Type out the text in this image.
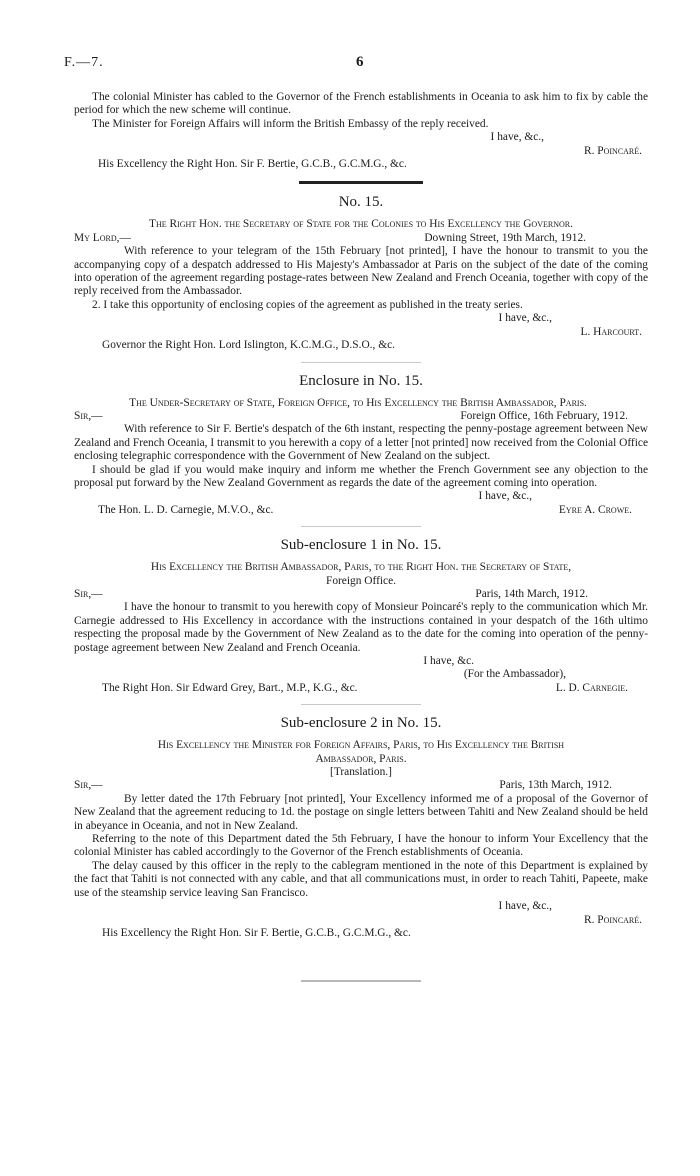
F.—7.	6

The colonial Minister has cabled to the Governor of the French establishments in Oceania to ask him to fix by cable the period for which the new scheme will continue.

The Minister for Foreign Affairs will inform the British Embassy of the reply received.

I have, &c.,
R. Poincaré.

His Excellency the Right Hon. Sir F. Bertie, G.C.B., G.C.M.G., &c.

No. 15.

The Right Hon. the Secretary of State for the Colonies to His Excellency the Governor.

My Lord,—	Downing Street, 19th March, 1912.

With reference to your telegram of the 15th February [not printed], I have the honour to transmit to you the accompanying copy of a despatch addressed to His Majesty's Ambassador at Paris on the subject of the date of the coming into operation of the agreement regarding postage-rates between New Zealand and French Oceania, together with copy of the reply received from the Ambassador.

2. I take this opportunity of enclosing copies of the agreement as published in the treaty series.

I have, &c.,
L. Harcourt.

Governor the Right Hon. Lord Islington, K.C.M.G., D.S.O., &c.

Enclosure in No. 15.

The Under-Secretary of State, Foreign Office, to His Excellency the British Ambassador, Paris.

Sir,—	Foreign Office, 16th February, 1912.

With reference to Sir F. Bertie's despatch of the 6th instant, respecting the penny-postage agreement between New Zealand and French Oceania, I transmit to you herewith a copy of a letter [not printed] now received from the Colonial Office enclosing telegraphic correspondence with the Government of New Zealand on the subject.

I should be glad if you would make inquiry and inform me whether the French Government see any objection to the proposal put forward by the New Zealand Government as regards the date of the agreement coming into operation.

I have, &c.,
The Hon. L. D. Carnegie, M.V.O., &c.	Eyre A. Crowe.
Sub-enclosure 1 in No. 15.

His Excellency the British Ambassador, Paris, to the Right Hon. the Secretary of State,

Foreign Office.

Sir,—	Paris, 14th March, 1912.

I have the honour to transmit to you herewith copy of Monsieur Poincaré's reply to the communication which Mr. Carnegie addressed to His Excellency in accordance with the instructions contained in your despatch of the 16th ultimo respecting the proposal made by the Government of New Zealand as to the date for the coming into operation of the penny-postage agreement between New Zealand and French Oceania.

I have, &c.
(For the Ambassador),
The Right Hon. Sir Edward Grey, Bart., M.P., K.G., &c.	L. D. Carnegie.
Sub-enclosure 2 in No. 15.

His Excellency the Minister for Foreign Affairs, Paris, to His Excellency the British

Ambassador, Paris.

[Translation.]

Sir,—	Paris, 13th March, 1912.

By letter dated the 17th February [not printed], Your Excellency informed me of a proposal of the Governor of New Zealand that the agreement reducing to 1d. the postage on single letters between Tahiti and New Zealand should be held in abeyance in Oceania, and not in New Zealand.

Referring to the note of this Department dated the 5th February, I have the honour to inform Your Excellency that the colonial Minister has cabled accordingly to the Governor of the French establishments of Oceania.

The delay caused by this officer in the reply to the cablegram mentioned in the note of this Department is explained by the fact that Tahiti is not connected with any cable, and that all communications must, in order to reach Tahiti, Papeete, make use of the steamship service leaving San Francisco.

I have, &c.,
R. Poincaré.

His Excellency the Right Hon. Sir F. Bertie, G.C.B., G.C.M.G., &c.
